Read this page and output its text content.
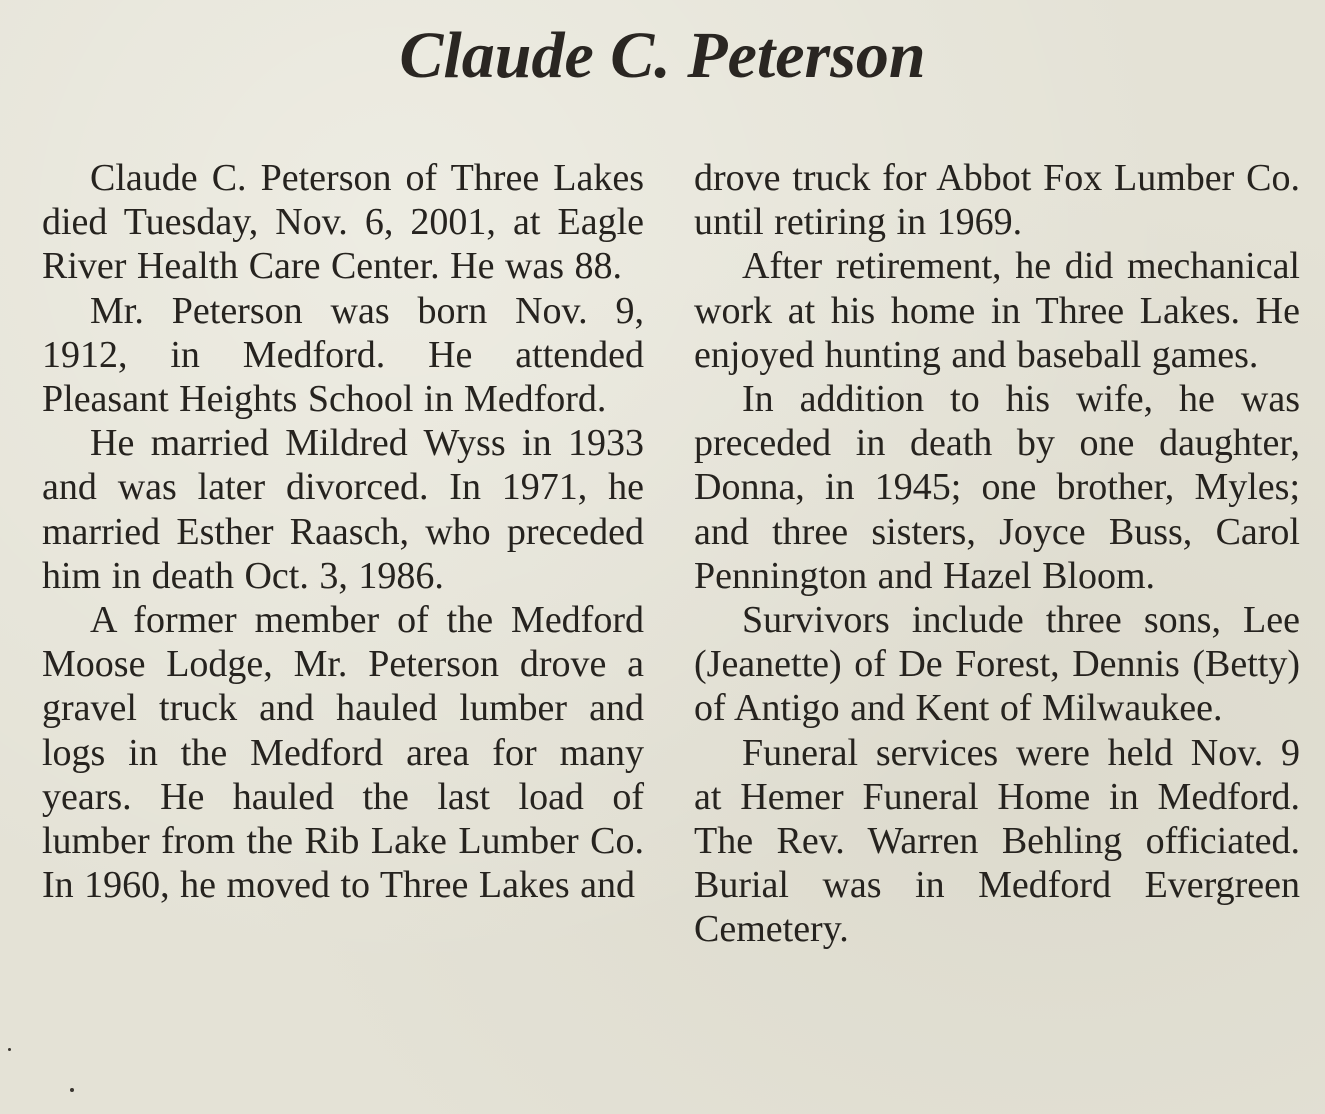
Claude C. Peterson

Claude C. Peterson of Three Lakes died Tuesday, Nov. 6, 2001, at Eagle River Health Care Center. He was 88.

Mr. Peterson was born Nov. 9, 1912, in Medford. He attended Pleasant Heights School in Medford.

He married Mildred Wyss in 1933 and was later divorced. In 1971, he married Esther Raasch, who preceded him in death Oct. 3, 1986.

A former member of the Medford Moose Lodge, Mr. Peterson drove a gravel truck and hauled lumber and logs in the Medford area for many years. He hauled the last load of lumber from the Rib Lake Lumber Co. In 1960, he moved to Three Lakes and

drove truck for Abbot Fox Lumber Co. until retiring in 1969.

After retirement, he did mechanical work at his home in Three Lakes. He enjoyed hunting and baseball games.

In addition to his wife, he was preceded in death by one daughter, Donna, in 1945; one brother, Myles; and three sisters, Joyce Buss, Carol Pennington and Hazel Bloom.

Survivors include three sons, Lee (Jeanette) of De Forest, Dennis (Betty) of Antigo and Kent of Milwaukee.

Funeral services were held Nov. 9 at Hemer Funeral Home in Medford. The Rev. Warren Behling officiated. Burial was in Medford Evergreen Cemetery.
